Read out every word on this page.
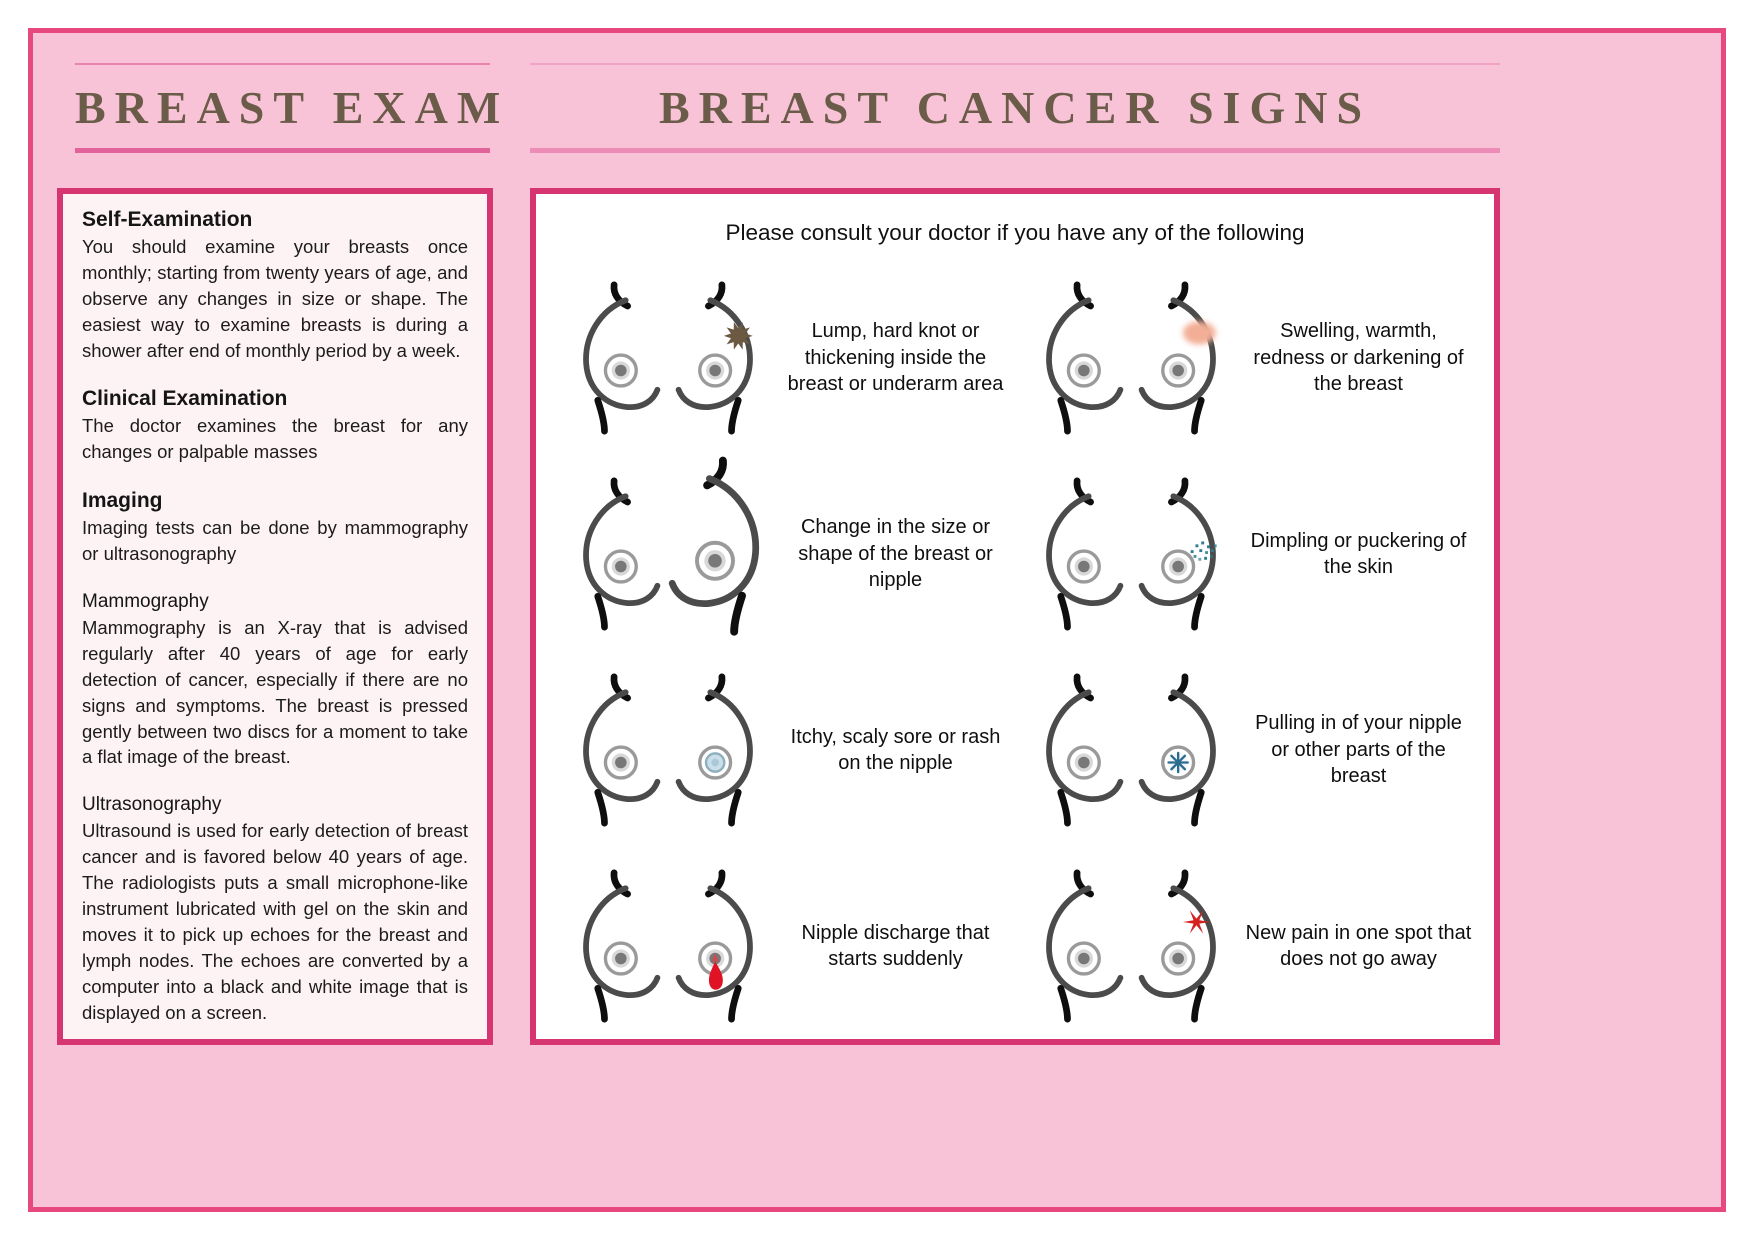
BREAST EXAM	BREAST CANCER SIGNS
Self-Examination

You should examine your breasts once monthly; starting from twenty years of age, and observe any changes in size or shape. The easiest way to examine breasts is during a shower after end of monthly period by a week.

Clinical Examination

The doctor examines the breast for any changes or palpable masses

Imaging

Imaging tests can be done by mammography or ultrasonography

Mammography

Mammography is an X-ray that is advised regularly after 40 years of age for early detection of cancer, especially if there are no signs and symptoms. The breast is pressed gently between two discs for a moment to take a flat image of the breast.

Ultrasonography

Ultrasound is used for early detection of breast cancer and is favored below 40 years of age. The radiologists puts a small microphone-like instrument lubricated with gel on the skin and moves it to pick up echoes for the breast and lymph nodes. The echoes are converted by a computer into a black and white image that is displayed on a screen.

Please consult your doctor if you have any of the following
Lump, hard knot or thickening inside the breast or underarm area
Swelling, warmth, redness or darkening of the breast
Change in the size or shape of the breast or nipple
Dimpling or puckering of the skin
Itchy, scaly sore or rash on the nipple
Pulling in of your nipple or other parts of the breast
Nipple discharge that starts suddenly
New pain in one spot that does not go away
